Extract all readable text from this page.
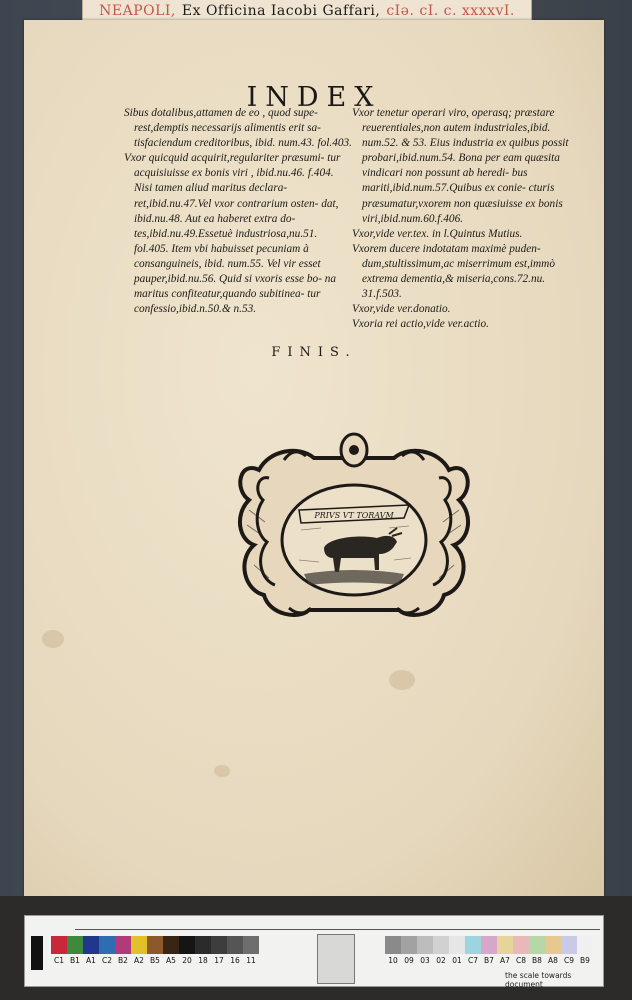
NEAPOLI, Ex Officina Iacobi Gaffari, cIə. cI. c. xxxxvI.
INDEX

Sibus dotalibus,attamen de eo , quod supe- rest,demptis necessarijs alimentis erit sa- tisfaciendum creditoribus, ibid. num.43. fol.403.

Vxor quicquid acquirit,regulariter præsumi- tur acquisiuisse ex bonis viri , ibid.nu.46. f.404. Nisi tamen aliud maritus declara- ret,ibid.nu.47.Vel vxor contrarium osten- dat, ibid.nu.48. Aut ea haberet extra do- tes,ibid.nu.49.Essetuè industriosa,nu.51. fol.405. Item vbi habuisset pecuniam à consanguineis, ibid. num.55. Vel vir esset pauper,ibid.nu.56. Quid si vxoris esse bo- na maritus confiteatur,quando subitinea- tur confessio,ibid.n.50.& n.53.

Vxor tenetur operari viro, operasq; præstare reuerentiales,non autem industriales,ibid. num.52. & 53. Eius industria ex quibus possit probari,ibid.num.54. Bona per eam quæsita vindicari non possunt ab heredi- bus mariti,ibid.num.57.Quibus ex conie- cturis præsumatur,vxorem non quæsiuisse ex bonis viri,ibid.num.60.f.406.

Vxor,vide ver.tex. in l.Quintus Mutius.

Vxorem ducere indotatam maximè puden- dum,stultissimum,ac miserrimum est,immò extrema dementia,& miseria,cons.72.nu. 31.f.503.

Vxor,vide ver.donatio.

Vxoria rei actio,vide ver.actio.

FINIS.
PRIVS VT TORAVM
C1 B1 A1 C2 B2 A2 B5 A5 20 18 17 16 11	10 09 03 02 01 C7 B7 A7 C8 B8 A8 C9 B9
the scale towards document
